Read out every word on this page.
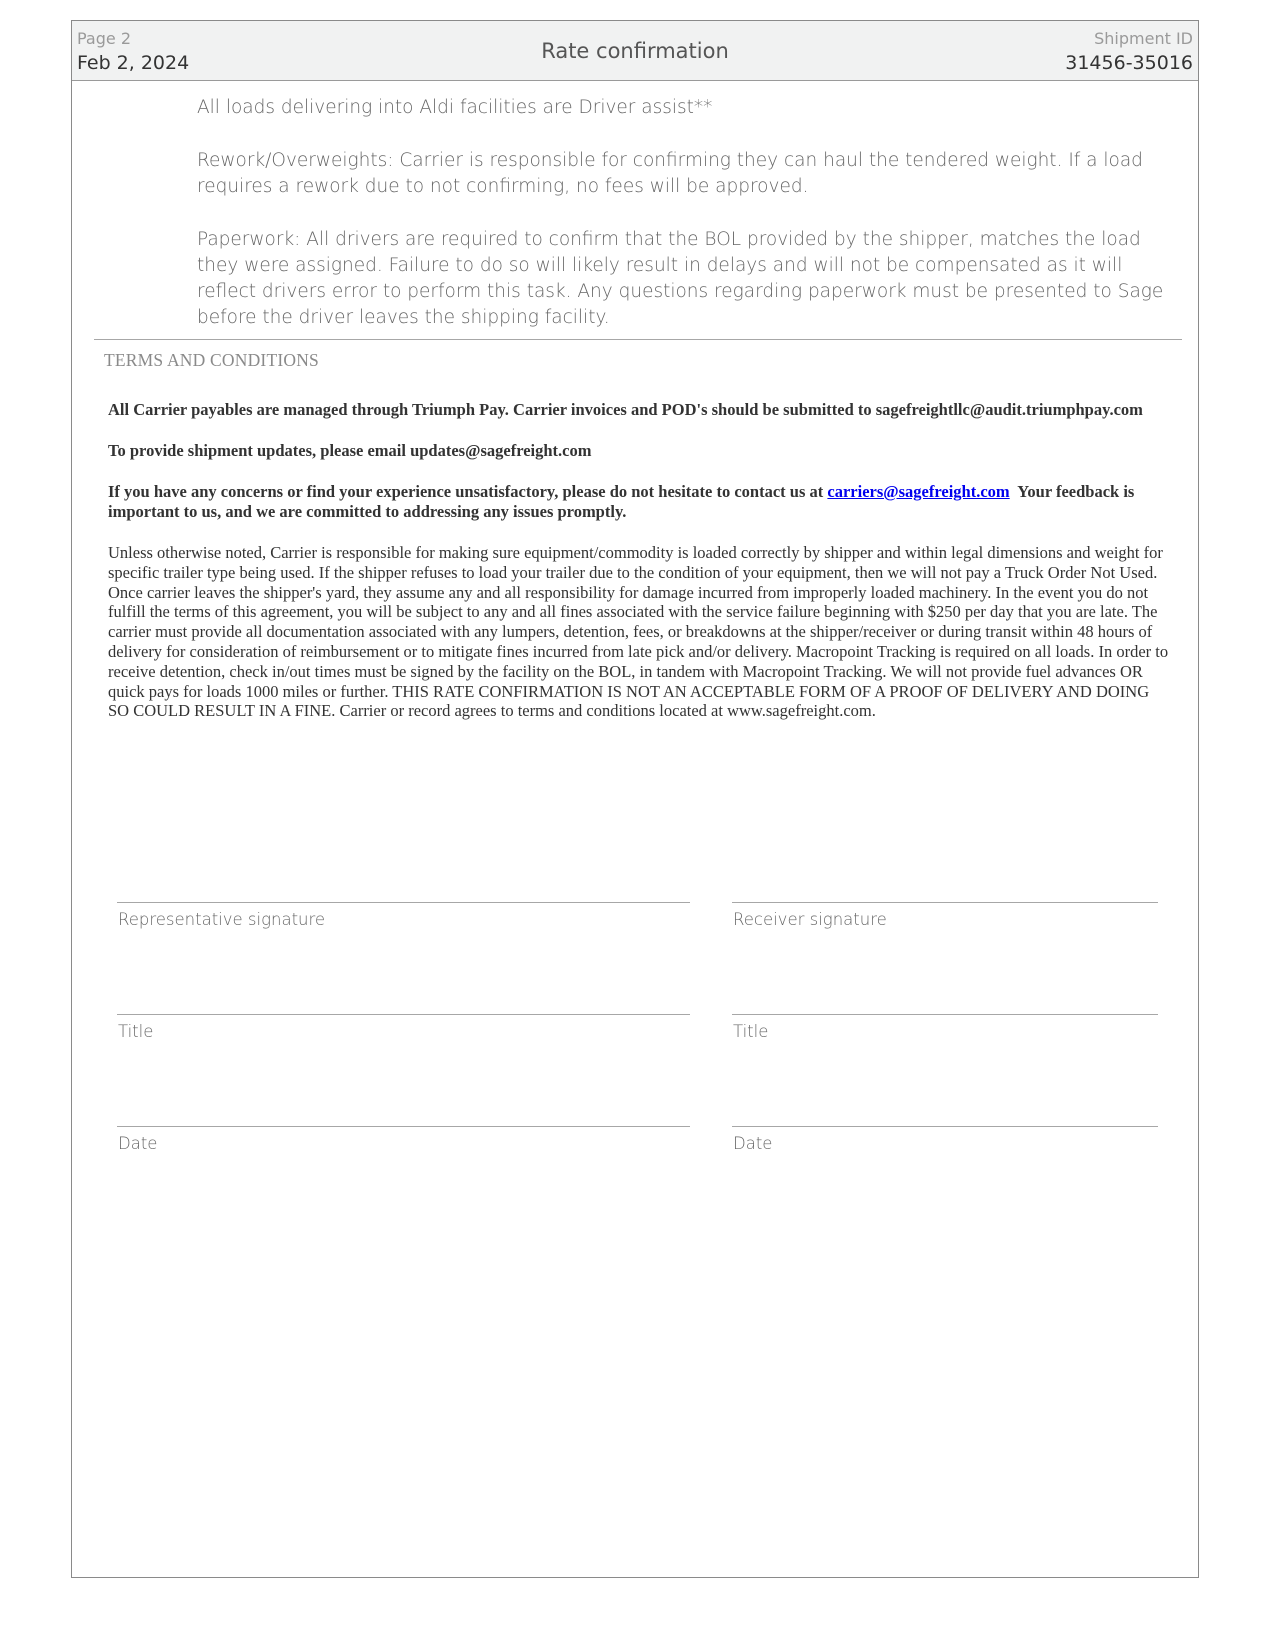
Page 2
Feb 2, 2024	Rate confirmation
Shipment ID
31456-35016

All loads delivering into Aldi facilities are Driver assist**

Rework/Overweights: Carrier is responsible for confirming they can haul the tendered weight. If a load requires a rework due to not confirming, no fees will be approved.

Paperwork: All drivers are required to confirm that the BOL provided by the shipper, matches the load they were assigned. Failure to do so will likely result in delays and will not be compensated as it will reflect drivers error to perform this task. Any questions regarding paperwork must be presented to Sage before the driver leaves the shipping facility.

TERMS AND CONDITIONS

All Carrier payables are managed through Triumph Pay. Carrier invoices and POD's should be submitted to sagefreightllc@audit.triumphpay.com

To provide shipment updates, please email updates@sagefreight.com

If you have any concerns or find your experience unsatisfactory, please do not hesitate to contact us at carriers@sagefreight.com  Your feedback is important to us, and we are committed to addressing any issues promptly.

Unless otherwise noted, Carrier is responsible for making sure equipment/commodity is loaded correctly by shipper and within legal dimensions and weight for specific trailer type being used. If the shipper refuses to load your trailer due to the condition of your equipment, then we will not pay a Truck Order Not Used. Once carrier leaves the shipper's yard, they assume any and all responsibility for damage incurred from improperly loaded machinery. In the event you do not fulfill the terms of this agreement, you will be subject to any and all fines associated with the service failure beginning with $250 per day that you are late. The carrier must provide all documentation associated with any lumpers, detention, fees, or breakdowns at the shipper/receiver or during transit within 48 hours of delivery for consideration of reimbursement or to mitigate fines incurred from late pick and/or delivery. Macropoint Tracking is required on all loads. In order to receive detention, check in/out times must be signed by the facility on the BOL, in tandem with Macropoint Tracking. We will not provide fuel advances OR quick pays for loads 1000 miles or further. THIS RATE CONFIRMATION IS NOT AN ACCEPTABLE FORM OF A PROOF OF DELIVERY AND DOING SO COULD RESULT IN A FINE. Carrier or record agrees to terms and conditions located at www.sagefreight.com.

Representative signature
Title
Date
Receiver signature
Title
Date
